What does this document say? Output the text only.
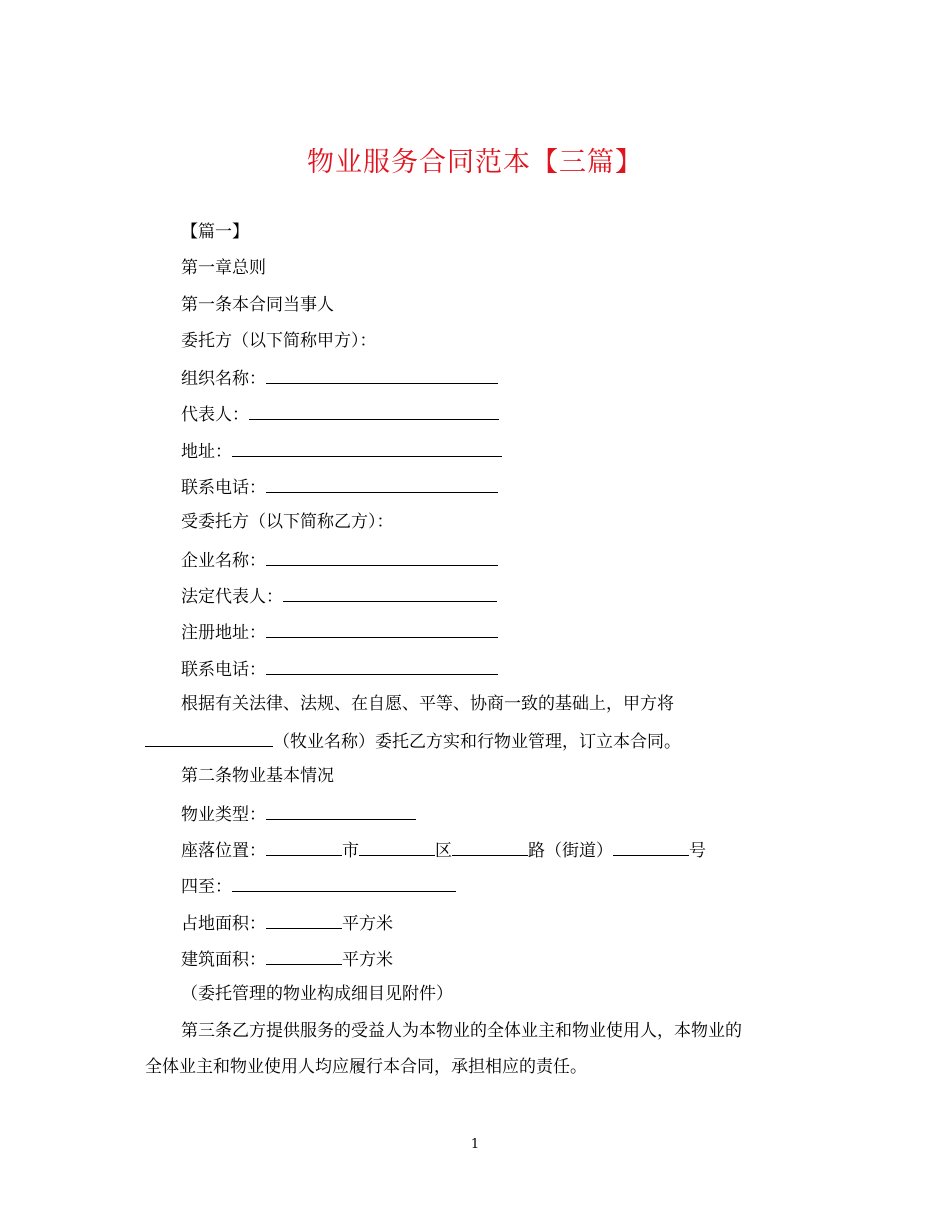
物业服务合同范本【三篇】
【篇一】
第一章总则
第一条本合同当事人
委托方（以下简称甲方）：
组织名称：
代表人：
地址：
联系电话：
受委托方（以下简称乙方）：
企业名称：
法定代表人：
注册地址：
联系电话：
根据有关法律、法规、在自愿、平等、协商一致的基础上，甲方将
（牧业名称）委托乙方实和行物业管理，订立本合同。
第二条物业基本情况
物业类型：
座落位置：	市	区	路（街道）	号
四至：
占地面积：	平方米
建筑面积：	平方米
（委托管理的物业构成细目见附件）
第三条乙方提供服务的受益人为本物业的全体业主和物业使用人，本物业的
全体业主和物业使用人均应履行本合同，承担相应的责任。
1
